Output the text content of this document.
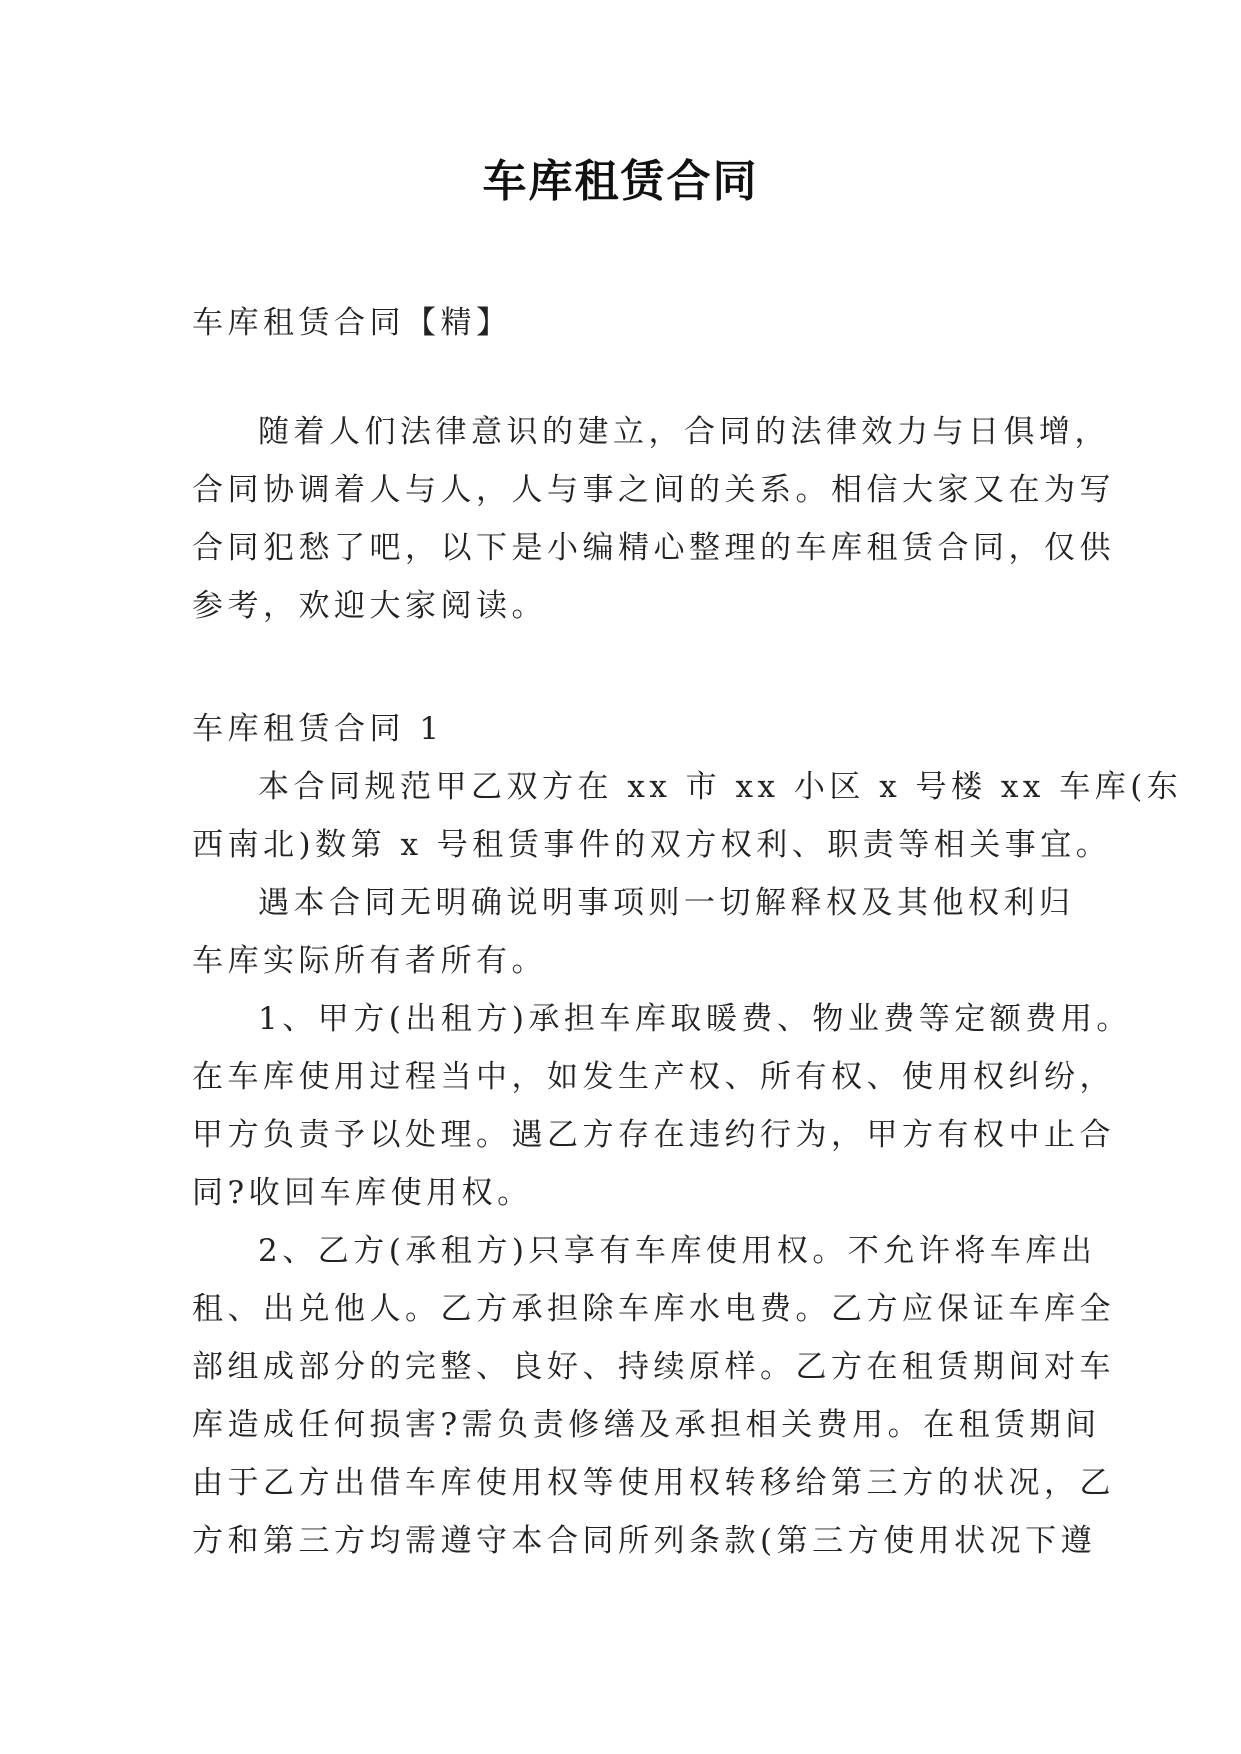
车库租赁合同
车库租赁合同【精】
随着人们法律意识的建立，合同的法律效力与日俱增，
合同协调着人与人，人与事之间的关系。相信大家又在为写
合同犯愁了吧，以下是小编精心整理的车库租赁合同，仅供
参考，欢迎大家阅读。
车库租赁合同 1
本合同规范甲乙双方在 xx 市 xx 小区 x 号楼 xx 车库(东
西南北)数第 x 号租赁事件的双方权利、职责等相关事宜。
遇本合同无明确说明事项则一切解释权及其他权利归
车库实际所有者所有。
1、甲方(出租方)承担车库取暖费、物业费等定额费用。
在车库使用过程当中，如发生产权、所有权、使用权纠纷，
甲方负责予以处理。遇乙方存在违约行为，甲方有权中止合
同?收回车库使用权。
2、乙方(承租方)只享有车库使用权。不允许将车库出
租、出兑他人。乙方承担除车库水电费。乙方应保证车库全
部组成部分的完整、良好、持续原样。乙方在租赁期间对车
库造成任何损害?需负责修缮及承担相关费用。在租赁期间
由于乙方出借车库使用权等使用权转移给第三方的状况，乙
方和第三方均需遵守本合同所列条款(第三方使用状况下遵
